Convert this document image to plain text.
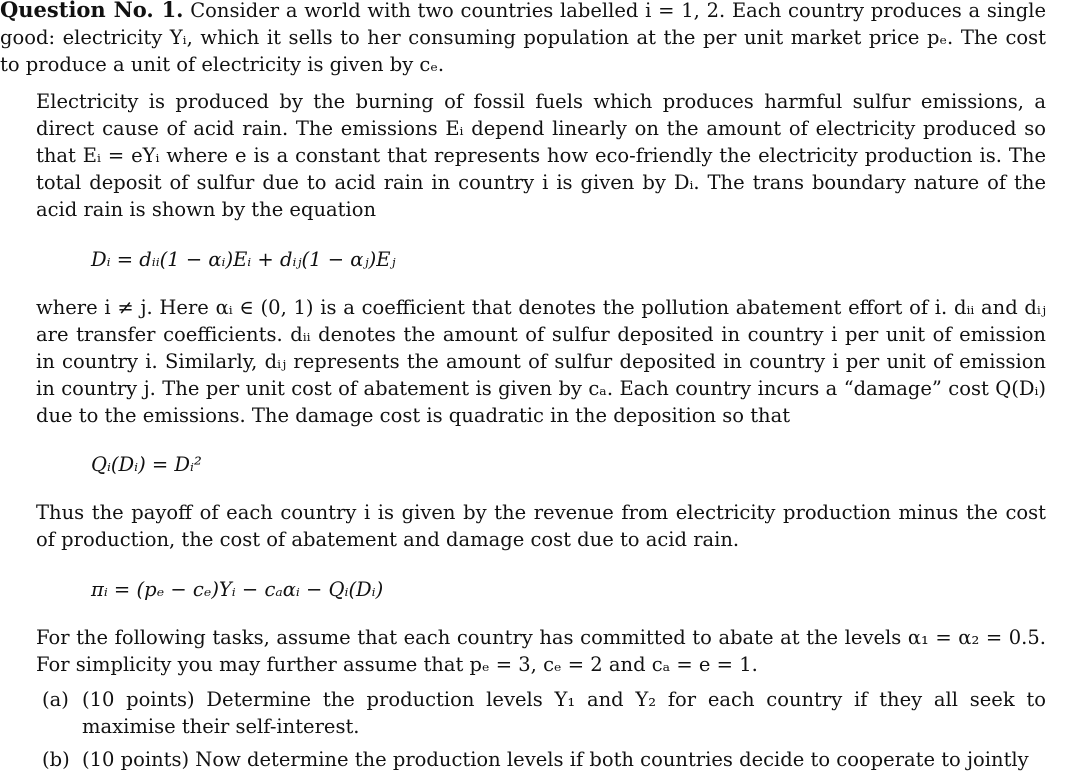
Question No. 1. Consider a world with two countries labelled i = 1, 2. Each country produces a single good: electricity Yᵢ, which it sells to her consuming population at the per unit market price pₑ. The cost to produce a unit of electricity is given by cₑ.

Electricity is produced by the burning of fossil fuels which produces harmful sulfur emissions, a direct cause of acid rain. The emissions Eᵢ depend linearly on the amount of electricity produced so that Eᵢ = eYᵢ where e is a constant that represents how eco-friendly the electricity production is. The total deposit of sulfur due to acid rain in country i is given by Dᵢ. The trans boundary nature of the acid rain is shown by the equation

Dᵢ = dᵢᵢ(1 − αᵢ)Eᵢ + dᵢⱼ(1 − αⱼ)Eⱼ

where i ≠ j. Here αᵢ ∈ (0, 1) is a coefficient that denotes the pollution abatement effort of i. dᵢᵢ and dᵢⱼ are transfer coefficients. dᵢᵢ denotes the amount of sulfur deposited in country i per unit of emission in country i. Similarly, dᵢⱼ represents the amount of sulfur deposited in country i per unit of emission in country j. The per unit cost of abatement is given by cₐ. Each country incurs a “damage” cost Q(Dᵢ) due to the emissions. The damage cost is quadratic in the deposition so that

Qᵢ(Dᵢ) = Dᵢ²

Thus the payoff of each country i is given by the revenue from electricity production minus the cost of production, the cost of abatement and damage cost due to acid rain.

πᵢ = (pₑ − cₑ)Yᵢ − cₐαᵢ − Qᵢ(Dᵢ)

For the following tasks, assume that each country has committed to abate at the levels α₁ = α₂ = 0.5. For simplicity you may further assume that pₑ = 3, cₑ = 2 and cₐ = e = 1.

(a) (10 points) Determine the production levels Y₁ and Y₂ for each country if they all seek to maximise their self-interest.
(b) (10 points) Now determine the production levels if both countries decide to cooperate to jointly
